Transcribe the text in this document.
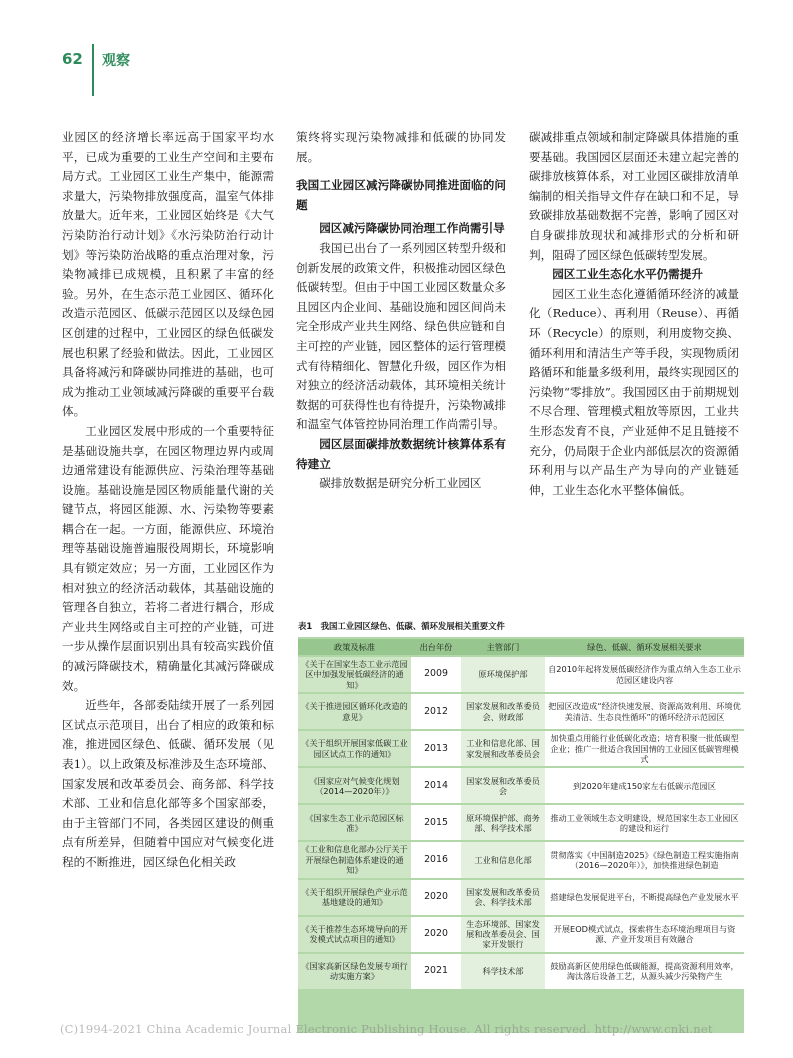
62 观察

业园区的经济增长率远高于国家平均水平，已成为重要的工业生产空间和主要布局方式。工业园区工业生产集中，能源需求量大，污染物排放强度高，温室气体排放量大。近年来，工业园区始终是《大气污染防治行动计划》《水污染防治行动计划》等污染防治战略的重点治理对象，污染物减排已成规模，且积累了丰富的经验。另外，在生态示范工业园区、循环化改造示范园区、低碳示范园区以及绿色园区创建的过程中，工业园区的绿色低碳发展也积累了经验和做法。因此，工业园区具备将减污和降碳协同推进的基础，也可成为推动工业领域减污降碳的重要平台载体。

工业园区发展中形成的一个重要特征是基础设施共享，在园区物理边界内或周边通常建设有能源供应、污染治理等基础设施。基础设施是园区物质能量代谢的关键节点，将园区能源、水、污染物等要素耦合在一起。一方面，能源供应、环境治理等基础设施普遍服役周期长，环境影响具有锁定效应；另一方面，工业园区作为相对独立的经济活动载体，其基础设施的管理各自独立，若将二者进行耦合，形成产业共生网络或自主可控的产业链，可进一步从操作层面识别出具有较高实践价值的减污降碳技术，精确量化其减污降碳成效。

近些年，各部委陆续开展了一系列园区试点示范项目，出台了相应的政策和标准，推进园区绿色、低碳、循环发展（见表1）。以上政策及标准涉及生态环境部、国家发展和改革委员会、商务部、科学技术部、工业和信息化部等多个国家部委，由于主管部门不同，各类园区建设的侧重点有所差异，但随着中国应对气候变化进程的不断推进，园区绿色化相关政

策终将实现污染物减排和低碳的协同发展。

我国工业园区减污降碳协同推进面临的问题
园区减污降碳协同治理工作尚需引导

我国已出台了一系列园区转型升级和创新发展的政策文件，积极推动园区绿色低碳转型。但由于中国工业园区数量众多且园区内企业间、基础设施和园区间尚未完全形成产业共生网络、绿色供应链和自主可控的产业链，园区整体的运行管理模式有待精细化、智慧化升级，园区作为相对独立的经济活动载体，其环境相关统计数据的可获得性也有待提升，污染物减排和温室气体管控协同治理工作尚需引导。

园区层面碳排放数据统计核算体系有待建立

碳排放数据是研究分析工业园区

碳减排重点领域和制定降碳具体措施的重要基础。我国园区层面还未建立起完善的碳排放核算体系，对工业园区碳排放清单编制的相关指导文件存在缺口和不足，导致碳排放基础数据不完善，影响了园区对自身碳排放现状和减排形式的分析和研判，阻碍了园区绿色低碳转型发展。

园区工业生态化水平仍需提升

园区工业生态化遵循循环经济的减量化（Reduce）、再利用（Reuse）、再循环（Recycle）的原则，利用废物交换、循环利用和清洁生产等手段，实现物质闭路循环和能量多级利用，最终实现园区的污染物“零排放”。我国园区由于前期规划不尽合理、管理模式粗放等原因，工业共生形态发育不良，产业延伸不足且链接不充分，仍局限于企业内部低层次的资源循环利用与以产品生产为导向的产业链延伸，工业生态化水平整体偏低。

表1　我国工业园区绿色、低碳、循环发展相关重要文件
政策及标准	出台年份	主管部门	绿色、低碳、循环发展相关要求
《关于在国家生态工业示范园区中加强发展低碳经济的通知》	2009	原环境保护部	自2010年起将发展低碳经济作为重点纳入生态工业示范园区建设内容
《关于推进园区循环化改造的意见》	2012	国家发展和改革委员会、财政部	把园区改造成“经济快速发展、资源高效利用、环境优美清洁、生态良性循环”的循环经济示范园区
《关于组织开展国家低碳工业园区试点工作的通知》	2013	工业和信息化部、国家发展和改革委员会	加快重点用能行业低碳化改造；培育积聚一批低碳型企业；推广一批适合我国国情的工业园区低碳管理模式
《国家应对气候变化规划（2014—2020年）》	2014	国家发展和改革委员会	到2020年建成150家左右低碳示范园区
《国家生态工业示范园区标准》	2015	原环境保护部、商务部、科学技术部	推动工业领域生态文明建设，规范国家生态工业园区的建设和运行
《工业和信息化部办公厅关于开展绿色制造体系建设的通知》	2016	工业和信息化部	贯彻落实《中国制造2025》《绿色制造工程实施指南（2016—2020年）》，加快推进绿色制造
《关于组织开展绿色产业示范基地建设的通知》	2020	国家发展和改革委员会、科学技术部	搭建绿色发展促进平台，不断提高绿色产业发展水平
《关于推荐生态环境导向的开发模式试点项目的通知》	2020	生态环境部、国家发展和改革委员会、国家开发银行	开展EOD模式试点，探索将生态环境治理项目与资源、产业开发项目有效融合
《国家高新区绿色发展专项行动实施方案》	2021	科学技术部	鼓励高新区使用绿色低碳能源，提高资源利用效率，淘汰落后设备工艺，从源头减少污染物产生
(C)1994-2021 China Academic Journal Electronic Publishing House. All rights reserved. http://www.cnki.net
